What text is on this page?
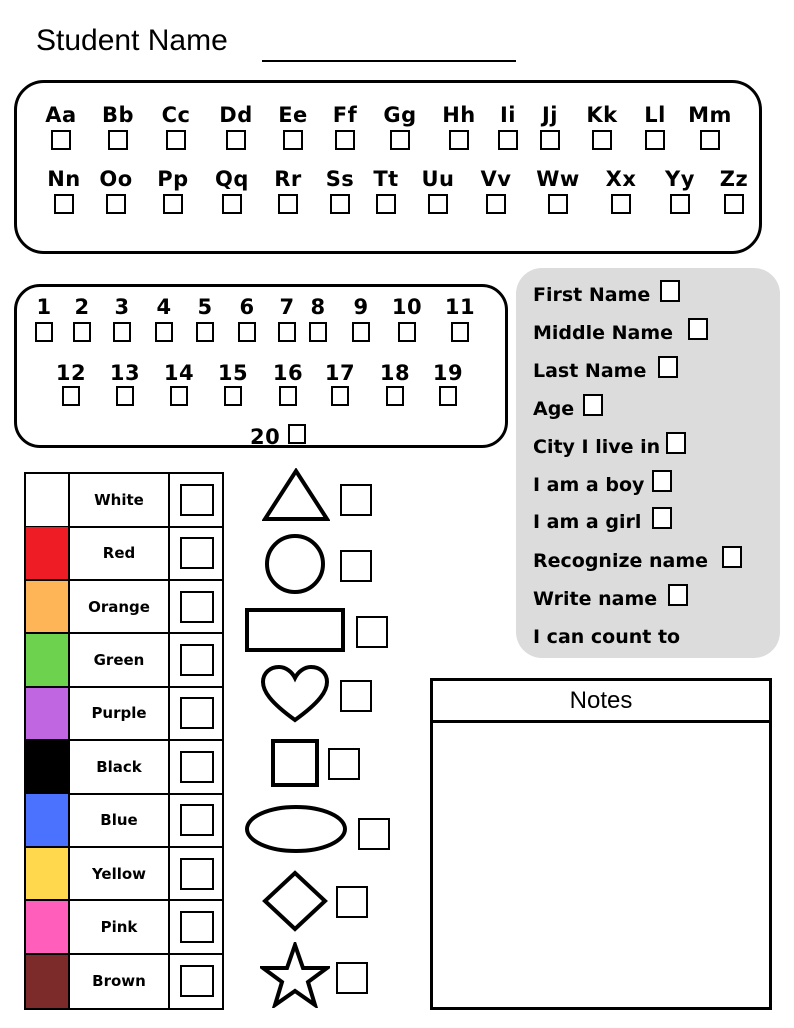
Student Name
Aa Bb	Cc	Dd	Ee	Ff	Gg Hh	Ii	Jj	Kk	Ll	Mm
Nn Oo Pp Qq	Rr	Ss Tt	Uu	Vv	Ww	Xx	Yy	Zz
1	2	3	4	5	6	7 8	9	10	11
12	13	14	15	16	17	18	19
20
First Name
Middle Name
Last Name
Age
City I live in
I am a boy
I am a girl
Recognize name
Write name
I can count to
White
Red
Orange
Green
Purple
Black
Blue
Yellow
Pink
Brown
Notes
